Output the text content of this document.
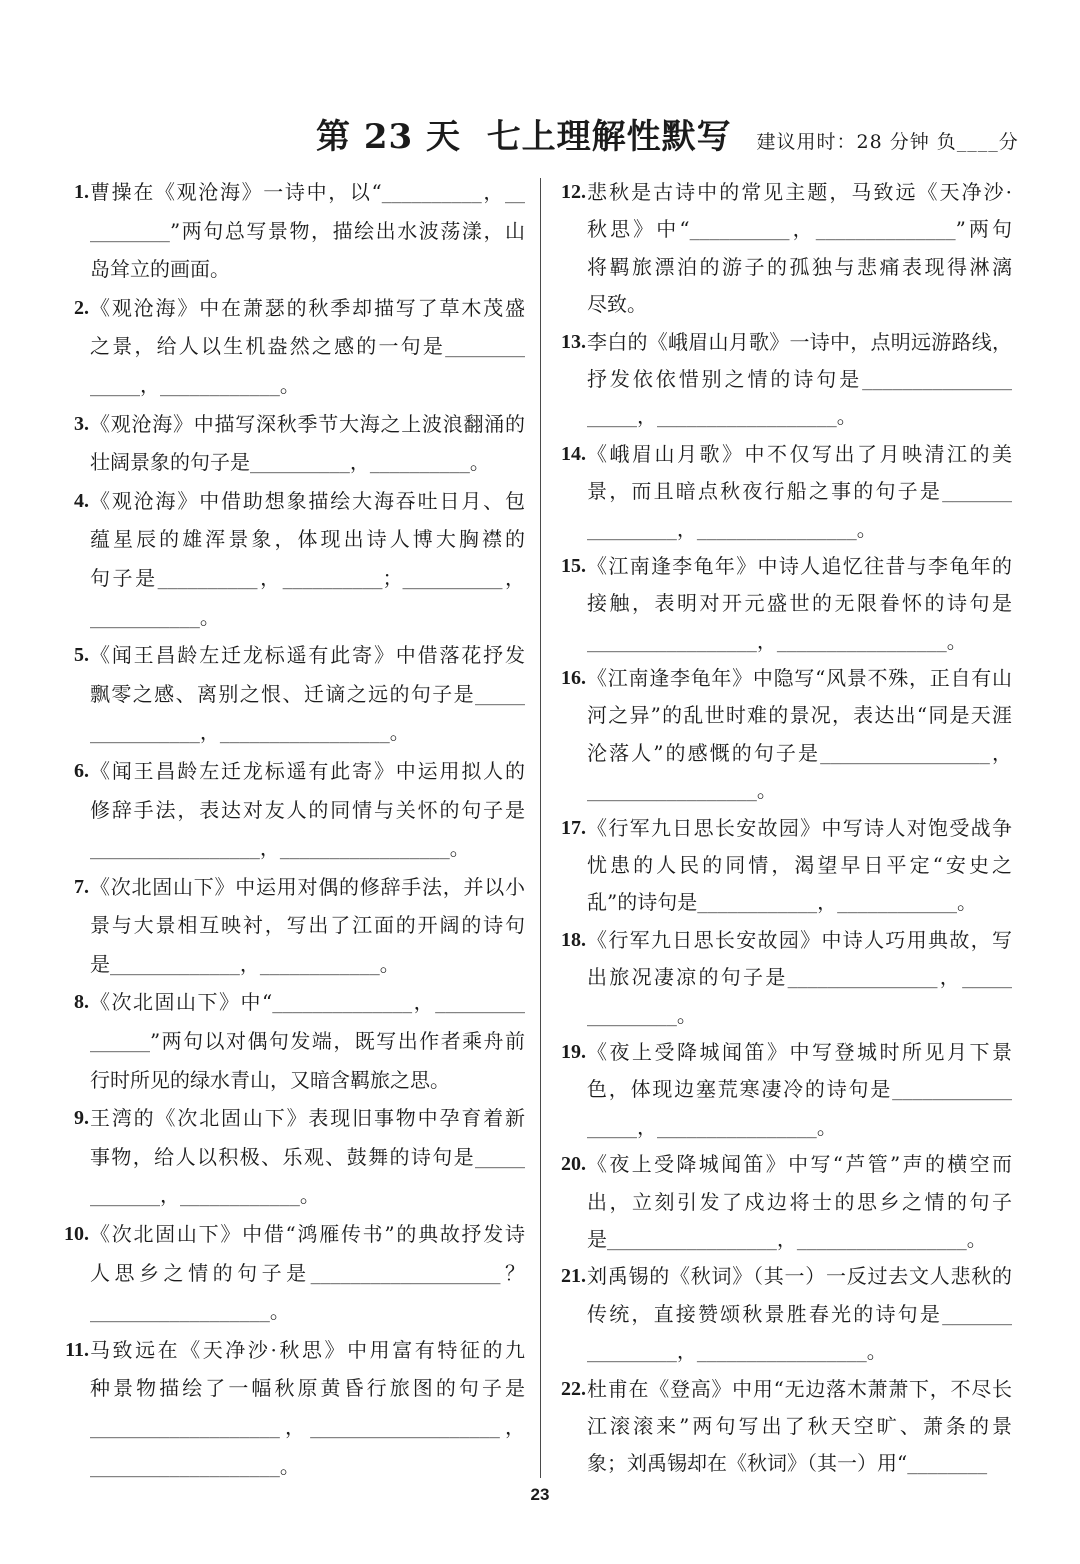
第 23 天 七上理解性默写 建议用时：28 分钟 负____分
1. 曹操在《观沧海》一诗中，以“__________，__
________”两句总写景物，描绘出水波荡漾，山
岛耸立的画面。
2. 《观沧海》中在萧瑟的秋季却描写了草木茂盛
之景，给人以生机盎然之感的一句是________
_____，____________。
3. 《观沧海》中描写深秋季节大海之上波浪翻涌的
壮阔景象的句子是__________，__________。
4. 《观沧海》中借助想象描绘大海吞吐日月、包
蕴星辰的雄浑景象，体现出诗人博大胸襟的
句子是__________，__________；__________，
___________。
5. 《闻王昌龄左迁龙标遥有此寄》中借落花抒发
飘零之感、离别之恨、迁谪之远的句子是_____
___________，_________________。
6. 《闻王昌龄左迁龙标遥有此寄》中运用拟人的
修辞手法，表达对友人的同情与关怀的句子是
_________________，_________________。
7. 《次北固山下》中运用对偶的修辞手法，并以小
景与大景相互映衬，写出了江面的开阔的诗句
是_____________，____________。
8. 《次北固山下》中“______________，_________
______”两句以对偶句发端，既写出作者乘舟前
行时所见的绿水青山，又暗含羁旅之思。
9. 王湾的《次北固山下》表现旧事物中孕育着新
事物，给人以积极、乐观、鼓舞的诗句是_____
_______，____________。
10. 《次北固山下》中借“鸿雁传书”的典故抒发诗
人思乡之情的句子是___________________？
__________________。
11. 马致远在《天净沙·秋思》中用富有特征的九
种景物描绘了一幅秋原黄昏行旅图的句子是
___________________，___________________，
___________________。
12. 悲秋是古诗中的常见主题，马致远《天净沙·
秋思》中“__________，______________”两句
将羁旅漂泊的游子的孤独与悲痛表现得淋漓
尽致。
13. 李白的《峨眉山月歌》一诗中，点明远游路线，
抒发依依惜别之情的诗句是_______________
_____，__________________。
14. 《峨眉山月歌》中不仅写出了月映清江的美
景，而且暗点秋夜行船之事的句子是_______
_________，________________。
15. 《江南逢李龟年》中诗人追忆往昔与李龟年的
接触，表明对开元盛世的无限眷怀的诗句是
_________________，_________________。
16. 《江南逢李龟年》中隐写“风景不殊，正自有山
河之异”的乱世时难的景况，表达出“同是天涯
沦落人”的感慨的句子是_________________，
_________________。
17. 《行军九日思长安故园》中写诗人对饱受战争
忧患的人民的同情，渴望早日平定“安史之
乱”的诗句是____________，____________。
18. 《行军九日思长安故园》中诗人巧用典故，写
出旅况凄凉的句子是_______________，_____
_________。
19. 《夜上受降城闻笛》中写登城时所见月下景
色，体现边塞荒寒凄冷的诗句是____________
_____，________________。
20. 《夜上受降城闻笛》中写“芦管”声的横空而
出，立刻引发了戍边将士的思乡之情的句子
是_________________，_________________。
21. 刘禹锡的《秋词》（其一）一反过去文人悲秋的
传统，直接赞颂秋景胜春光的诗句是_______
_________，_________________。
22. 杜甫在《登高》中用“无边落木萧萧下，不尽长
江滚滚来”两句写出了秋天空旷、萧条的景
象；刘禹锡却在《秋词》（其一）用“________
23
